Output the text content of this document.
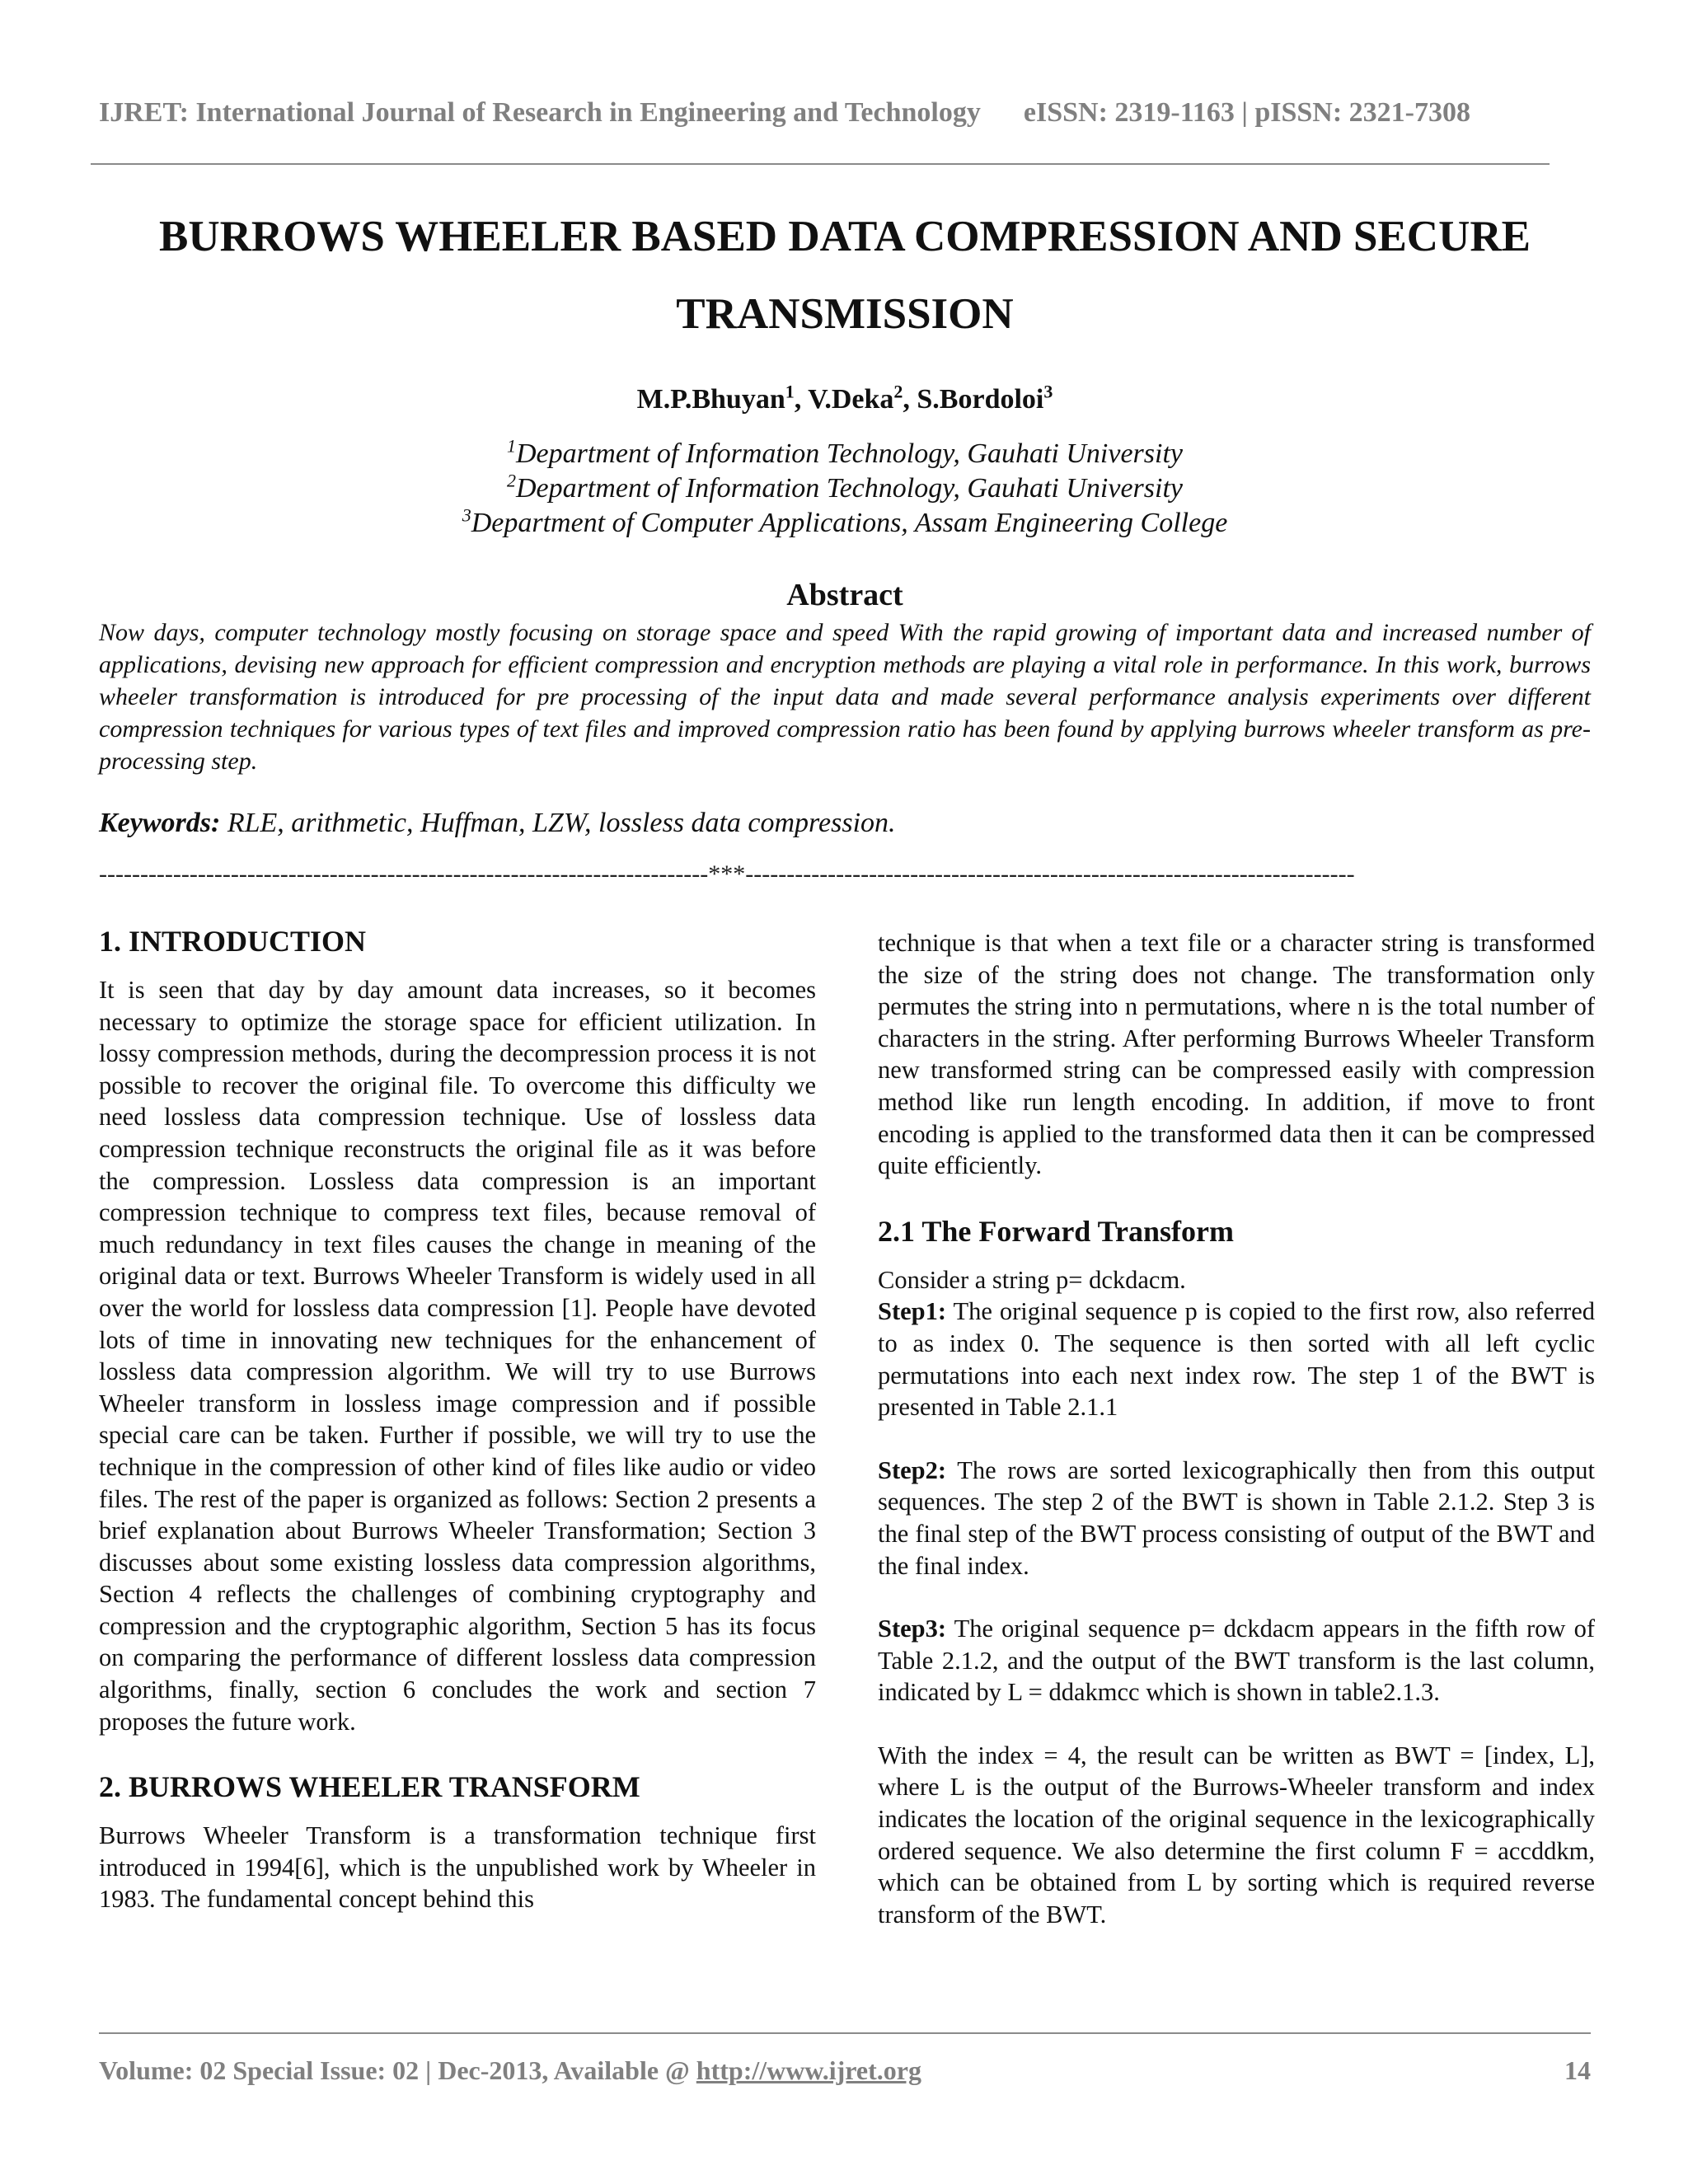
IJRET: International Journal of Research in Engineering and Technology eISSN: 2319-1163 | pISSN: 2321-7308
BURROWS WHEELER BASED DATA COMPRESSION AND SECURE TRANSMISSION
M.P.Bhuyan$^1$, V.Deka$^2$, S.Bordoloi$^3$
$^1$Department of Information Technology, Gauhati University
$^2$Department of Information Technology, Gauhati University
$^3$Department of Computer Applications, Assam Engineering College
Abstract
Now days, computer technology mostly focusing on storage space and speed With the rapid growing of important data and increased number of applications, devising new approach for efficient compression and encryption methods are playing a vital role in performance. In this work, burrows wheeler transformation is introduced for pre processing of the input data and made several performance analysis experiments over different compression techniques for various types of text files and improved compression ratio has been found by applying burrows wheeler transform as pre-processing step.
Keywords: RLE, arithmetic, Huffman, LZW, lossless data compression.
--------------------------------------------------------------------------***--------------------------------------------------------------------------
1. INTRODUCTION

It is seen that day by day amount data increases, so it becomes necessary to optimize the storage space for efficient utilization. In lossy compression methods, during the decompression process it is not possible to recover the original file. To overcome this difficulty we need lossless data compression technique. Use of lossless data compression technique reconstructs the original file as it was before the compression. Lossless data compression is an important compression technique to compress text files, because removal of much redundancy in text files causes the change in meaning of the original data or text. Burrows Wheeler Transform is widely used in all over the world for lossless data compression [1]. People have devoted lots of time in innovating new techniques for the enhancement of lossless data compression algorithm. We will try to use Burrows Wheeler transform in lossless image compression and if possible special care can be taken. Further if possible, we will try to use the technique in the compression of other kind of files like audio or video files. The rest of the paper is organized as follows: Section 2 presents a brief explanation about Burrows Wheeler Transformation; Section 3 discusses about some existing lossless data compression algorithms, Section 4 reflects the challenges of combining cryptography and compression and the cryptographic algorithm, Section 5 has its focus on comparing the performance of different lossless data compression algorithms, finally, section 6 concludes the work and section 7 proposes the future work.

2. BURROWS WHEELER TRANSFORM

Burrows Wheeler Transform is a transformation technique first introduced in 1994[6], which is the unpublished work by Wheeler in 1983. The fundamental concept behind this

technique is that when a text file or a character string is transformed the size of the string does not change. The transformation only permutes the string into n permutations, where n is the total number of characters in the string. After performing Burrows Wheeler Transform new transformed string can be compressed easily with compression method like run length encoding. In addition, if move to front encoding is applied to the transformed data then it can be compressed quite efficiently.

2.1 The Forward Transform

Consider a string p= dckdacm.

Step1: The original sequence p is copied to the first row, also referred to as index 0. The sequence is then sorted with all left cyclic permutations into each next index row. The step 1 of the BWT is presented in Table 2.1.1

Step2: The rows are sorted lexicographically then from this output sequences. The step 2 of the BWT is shown in Table 2.1.2. Step 3 is the final step of the BWT process consisting of output of the BWT and the final index.

Step3: The original sequence p= dckdacm appears in the fifth row of Table 2.1.2, and the output of the BWT transform is the last column, indicated by L = ddakmcc which is shown in table2.1.3.

With the index = 4, the result can be written as BWT = [index, L], where L is the output of the Burrows-Wheeler transform and index indicates the location of the original sequence in the lexicographically ordered sequence. We also determine the first column F = accddkm, which can be obtained from L by sorting which is required reverse transform of the BWT.

Volume: 02 Special Issue: 02 | Dec-2013, Available @ http://www.ijret.org	14
